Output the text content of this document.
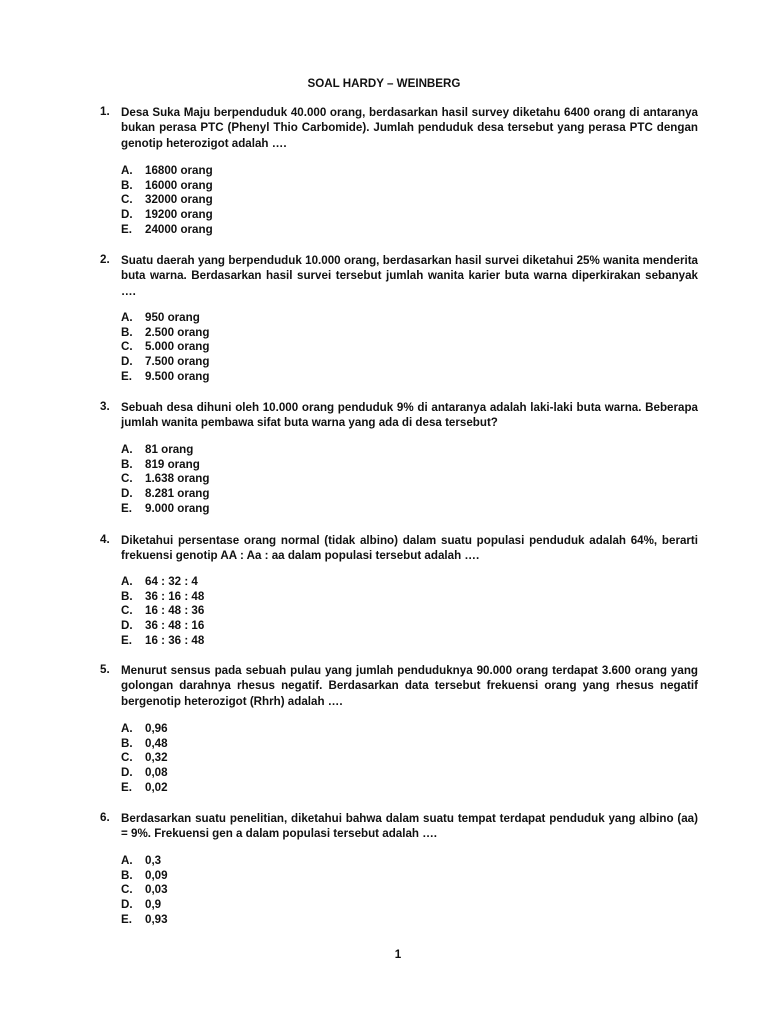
SOAL HARDY – WEINBERG
1. Desa Suka Maju berpenduduk 40.000 orang, berdasarkan hasil survey diketahu 6400 orang di antaranya bukan perasa PTC (Phenyl Thio Carbomide). Jumlah penduduk desa tersebut yang perasa PTC dengan genotip heterozigot adalah ….
A. 16800 orang
B. 16000 orang
C. 32000 orang
D. 19200 orang
E. 24000 orang
2. Suatu daerah yang berpenduduk 10.000 orang, berdasarkan hasil survei diketahui 25% wanita menderita buta warna. Berdasarkan hasil survei tersebut jumlah wanita karier buta warna diperkirakan sebanyak ….
A. 950 orang
B. 2.500 orang
C. 5.000 orang
D. 7.500 orang
E. 9.500 orang
3. Sebuah desa dihuni oleh 10.000 orang penduduk 9% di antaranya adalah laki-laki buta warna. Beberapa jumlah wanita pembawa sifat buta warna yang ada di desa tersebut?
A. 81 orang
B. 819 orang
C. 1.638 orang
D. 8.281 orang
E. 9.000 orang
4. Diketahui persentase orang normal (tidak albino) dalam suatu populasi penduduk adalah 64%, berarti frekuensi genotip AA : Aa : aa dalam populasi tersebut adalah ….
A. 64 : 32 : 4
B. 36 : 16 : 48
C. 16 : 48 : 36
D. 36 : 48 : 16
E. 16 : 36 : 48
5. Menurut sensus pada sebuah pulau yang jumlah penduduknya 90.000 orang terdapat 3.600 orang yang golongan darahnya rhesus negatif. Berdasarkan data tersebut frekuensi orang yang rhesus negatif bergenotip heterozigot (Rhrh) adalah ….
A. 0,96
B. 0,48
C. 0,32
D. 0,08
E. 0,02
6. Berdasarkan suatu penelitian, diketahui bahwa dalam suatu tempat terdapat penduduk yang albino (aa) = 9%. Frekuensi gen a dalam populasi tersebut adalah ….
A. 0,3
B. 0,09
C. 0,03
D. 0,9
E. 0,93
1
